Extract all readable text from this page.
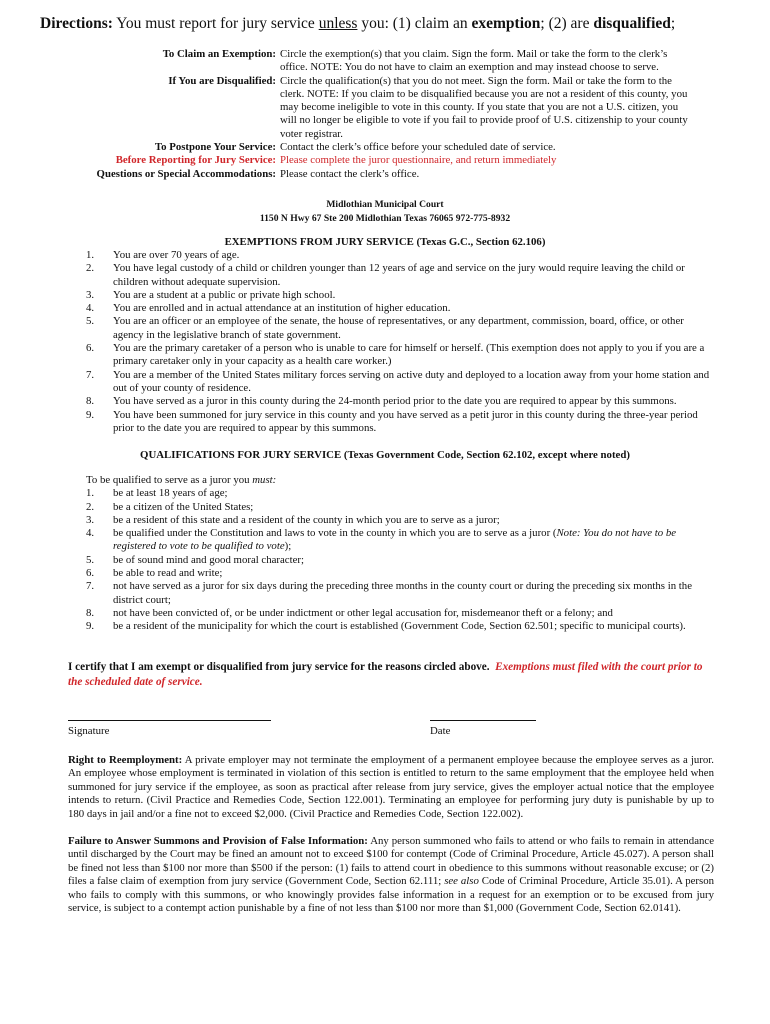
Directions: You must report for jury service unless you: (1) claim an exemption; (2) are disqualified;
To Claim an Exemption: Circle the exemption(s) that you claim. Sign the form. Mail or take the form to the clerk’s office. NOTE: You do not have to claim an exemption and may instead choose to serve.
If You are Disqualified: Circle the qualification(s) that you do not meet. Sign the form. Mail or take the form to the clerk. NOTE: If you claim to be disqualified because you are not a resident of this county, you may become ineligible to vote in this county. If you state that you are not a U.S. citizen, you will no longer be eligible to vote if you fail to provide proof of U.S. citizenship to your county voter registrar.
To Postpone Your Service: Contact the clerk’s office before your scheduled date of service.
Before Reporting for Jury Service: Please complete the juror questionnaire, and return immediately
Questions or Special Accommodations: Please contact the clerk’s office.
Midlothian Municipal Court
1150 N Hwy 67 Ste 200 Midlothian Texas 76065 972-775-8932
EXEMPTIONS FROM JURY SERVICE (Texas G.C., Section 62.106)
1.	You are over 70 years of age.
2.	You have legal custody of a child or children younger than 12 years of age and service on the jury would require leaving the child or children without adequate supervision.
3.	You are a student at a public or private high school.
4.	You are enrolled and in actual attendance at an institution of higher education.
5.	You are an officer or an employee of the senate, the house of representatives, or any department, commission, board, office, or other agency in the legislative branch of state government.
6.	You are the primary caretaker of a person who is unable to care for himself or herself. (This exemption does not apply to you if you are a primary caretaker only in your capacity as a health care worker.)
7.	You are a member of the United States military forces serving on active duty and deployed to a location away from your home station and out of your county of residence.
8.	You have served as a juror in this county during the 24-month period prior to the date you are required to appear by this summons.
9.	You have been summoned for jury service in this county and you have served as a petit juror in this county during the three-year period prior to the date you are required to appear by this summons.
QUALIFICATIONS FOR JURY SERVICE (Texas Government Code, Section 62.102, except where noted)
To be qualified to serve as a juror you must:
1.	be at least 18 years of age;
2.	be a citizen of the United States;
3.	be a resident of this state and a resident of the county in which you are to serve as a juror;
4.	be qualified under the Constitution and laws to vote in the county in which you are to serve as a juror (Note: You do not have to be registered to vote to be qualified to vote);
5.	be of sound mind and good moral character;
6.	be able to read and write;
7.	not have served as a juror for six days during the preceding three months in the county court or during the preceding six months in the district court;
8.	not have been convicted of, or be under indictment or other legal accusation for, misdemeanor theft or a felony; and
9.	be a resident of the municipality for which the court is established (Government Code, Section 62.501; specific to municipal courts).
I certify that I am exempt or disqualified from jury service for the reasons circled above. Exemptions must filed with the court prior to the scheduled date of service.
Signature	Date
Right to Reemployment: A private employer may not terminate the employment of a permanent employee because the employee serves as a juror. An employee whose employment is terminated in violation of this section is entitled to return to the same employment that the employee held when summoned for jury service if the employee, as soon as practical after release from jury service, gives the employer actual notice that the employee intends to return. (Civil Practice and Remedies Code, Section 122.001). Terminating an employee for performing jury duty is punishable by up to 180 days in jail and/or a fine not to exceed $2,000. (Civil Practice and Remedies Code, Section 122.002).
Failure to Answer Summons and Provision of False Information: Any person summoned who fails to attend or who fails to remain in attendance until discharged by the Court may be fined an amount not to exceed $100 for contempt (Code of Criminal Procedure, Article 45.027). A person shall be fined not less than $100 nor more than $500 if the person: (1) fails to attend court in obedience to this summons without reasonable excuse; or (2) files a false claim of exemption from jury service (Government Code, Section 62.111; see also Code of Criminal Procedure, Article 35.01). A person who fails to comply with this summons, or who knowingly provides false information in a request for an exemption or to be excused from jury service, is subject to a contempt action punishable by a fine of not less than $100 nor more than $1,000 (Government Code, Section 62.0141).
